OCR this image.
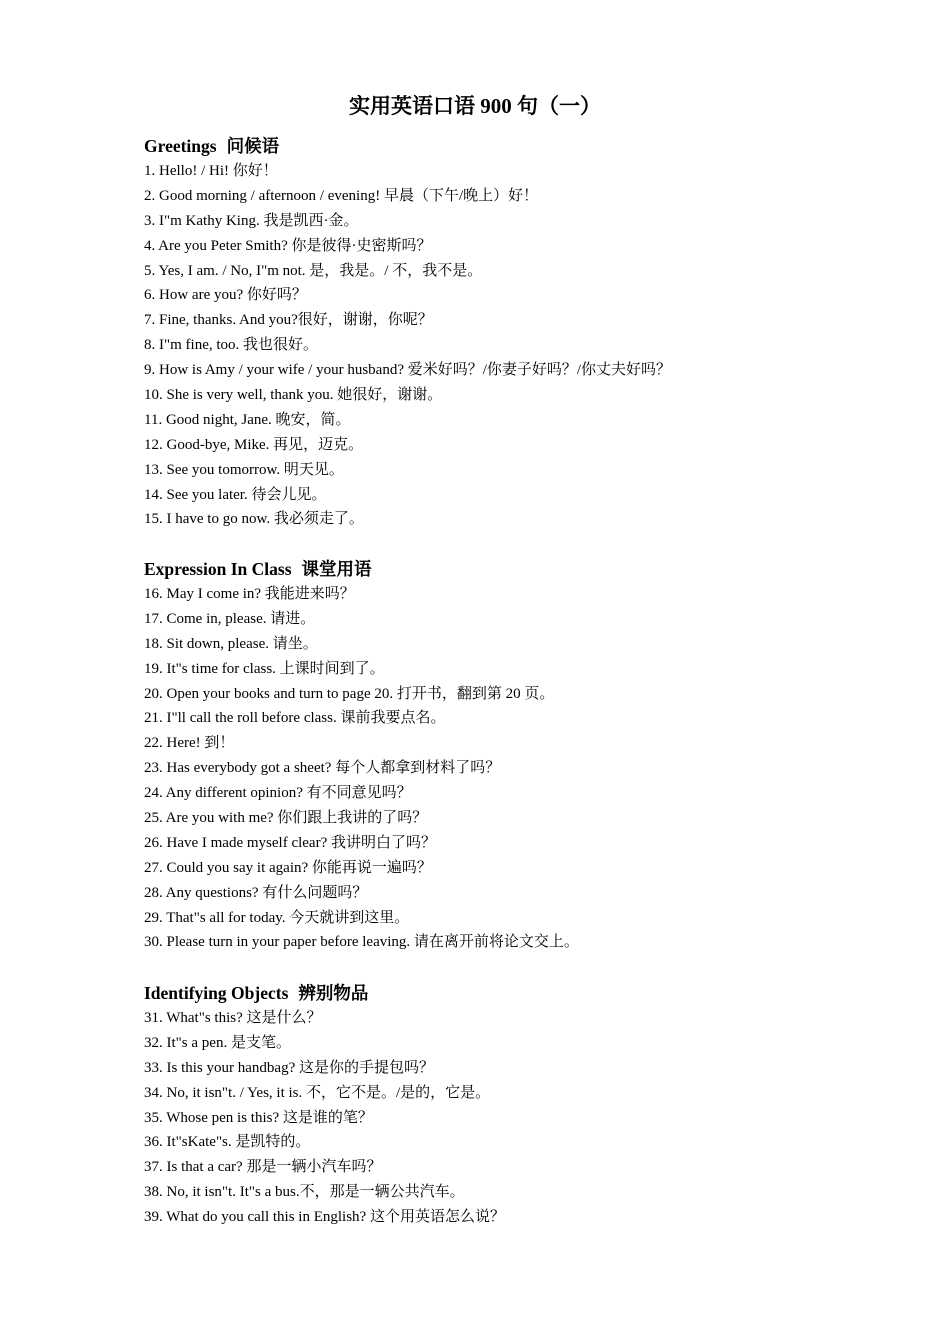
实用英语口语 900 句（一）
Greetings 问候语
1. Hello! / Hi! 你好！
2. Good morning / afternoon / evening! 早晨（下午/晚上）好！
3. I"m Kathy King. 我是凯西·金。
4. Are you Peter Smith? 你是彼得·史密斯吗？
5. Yes, I am. / No, I"m not. 是，我是。/ 不，我不是。
6. How are you? 你好吗？
7. Fine, thanks. And you?很好，谢谢，你呢？
8. I"m fine, too. 我也很好。
9. How is Amy / your wife / your husband? 爱米好吗？/你妻子好吗？/你丈夫好吗？
10. She is very well, thank you. 她很好，谢谢。
11. Good night, Jane. 晚安，简。
12. Good-bye, Mike. 再见，迈克。
13. See you tomorrow. 明天见。
14. See you later. 待会儿见。
15. I have to go now. 我必须走了。
Expression In Class 课堂用语
16. May I come in? 我能进来吗？
17. Come in, please. 请进。
18. Sit down, please. 请坐。
19. It"s time for class. 上课时间到了。
20. Open your books and turn to page 20. 打开书，翻到第 20 页。
21. I"ll call the roll before class. 课前我要点名。
22. Here! 到！
23. Has everybody got a sheet? 每个人都拿到材料了吗？
24. Any different opinion? 有不同意见吗？
25. Are you with me? 你们跟上我讲的了吗？
26. Have I made myself clear? 我讲明白了吗？
27. Could you say it again? 你能再说一遍吗？
28. Any questions? 有什么问题吗？
29. That"s all for today. 今天就讲到这里。
30. Please turn in your paper before leaving. 请在离开前将论文交上。
Identifying Objects 辨别物品
31. What"s this? 这是什么？
32. It"s a pen. 是支笔。
33. Is this your handbag? 这是你的手提包吗？
34. No, it isn"t. / Yes, it is. 不，它不是。/是的，它是。
35. Whose pen is this? 这是谁的笔？
36. It"sKate"s. 是凯特的。
37. Is that a car? 那是一辆小汽车吗？
38. No, it isn"t. It"s a bus.不，那是一辆公共汽车。
39. What do you call this in English? 这个用英语怎么说？
